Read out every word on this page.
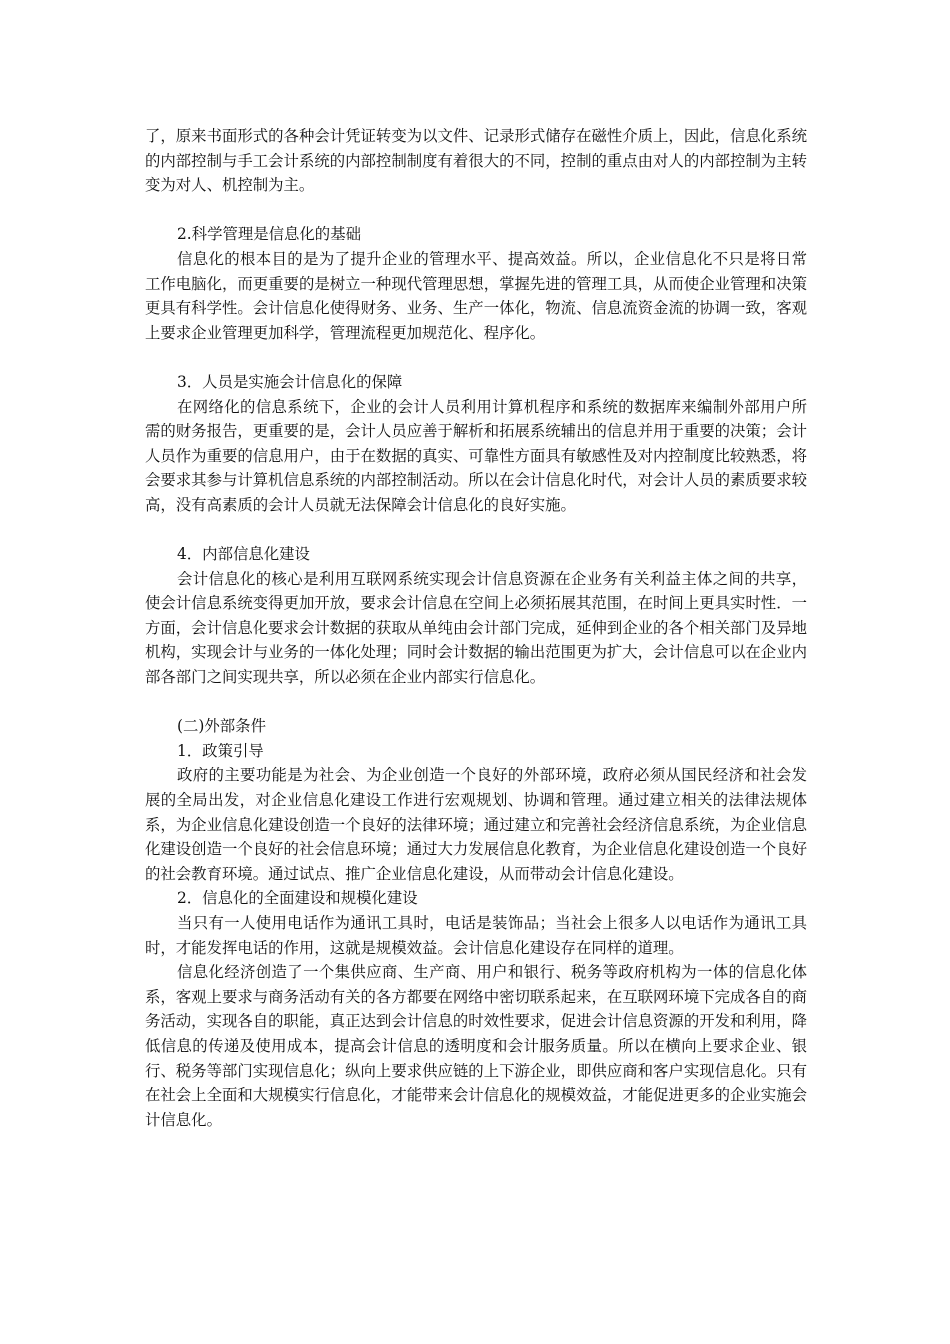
了，原来书面形式的各种会计凭证转变为以文件、记录形式储存在磁性介质上，因此，信息化系统的内部控制与手工会计系统的内部控制制度有着很大的不同，控制的重点由对人的内部控制为主转变为对人、机控制为主。

2.科学管理是信息化的基础

信息化的根本目的是为了提升企业的管理水平、提高效益。所以，企业信息化不只是将日常工作电脑化，而更重要的是树立一种现代管理思想，掌握先进的管理工具，从而使企业管理和决策更具有科学性。会计信息化使得财务、业务、生产一体化，物流、信息流资金流的协调一致，客观上要求企业管理更加科学，管理流程更加规范化、程序化。

3．人员是实施会计信息化的保障

在网络化的信息系统下，企业的会计人员利用计算机程序和系统的数据库来编制外部用户所需的财务报告，更重要的是，会计人员应善于解析和拓展系统辅出的信息并用于重要的决策；会计人员作为重要的信息用户，由于在数据的真实、可靠性方面具有敏感性及对内控制度比较熟悉，将会要求其参与计算机信息系统的内部控制活动。所以在会计信息化时代，对会计人员的素质要求较高，没有高素质的会计人员就无法保障会计信息化的良好实施。

4．内部信息化建设

会计信息化的核心是利用互联网系统实现会计信息资源在企业务有关利益主体之间的共享，使会计信息系统变得更加开放，要求会计信息在空间上必须拓展其范围，在时间上更具实时性．一方面，会计信息化要求会计数据的获取从单纯由会计部门完成，延伸到企业的各个相关部门及异地机构，实现会计与业务的一体化处理；同时会计数据的输出范围更为扩大，会计信息可以在企业内部各部门之间实现共享，所以必须在企业内部实行信息化。

(二)外部条件

1．政策引导

政府的主要功能是为社会、为企业创造一个良好的外部环境，政府必须从国民经济和社会发展的全局出发，对企业信息化建设工作进行宏观规划、协调和管理。通过建立相关的法律法规体系，为企业信息化建设创造一个良好的法律环境；通过建立和完善社会经济信息系统，为企业信息化建设创造一个良好的社会信息环境；通过大力发展信息化教育，为企业信息化建设创造一个良好的社会教育环境。通过试点、推广企业信息化建设，从而带动会计信息化建设。

2．信息化的全面建设和规模化建设

当只有一人使用电话作为通讯工具时，电话是装饰品；当社会上很多人以电话作为通讯工具时，才能发挥电话的作用，这就是规模效益。会计信息化建设存在同样的道理。

信息化经济创造了一个集供应商、生产商、用户和银行、税务等政府机构为一体的信息化体系，客观上要求与商务活动有关的各方都要在网络中密切联系起来，在互联网环境下完成各自的商务活动，实现各自的职能，真正达到会计信息的时效性要求，促进会计信息资源的开发和利用，降低信息的传递及使用成本，提高会计信息的透明度和会计服务质量。所以在横向上要求企业、银行、税务等部门实现信息化；纵向上要求供应链的上下游企业，即供应商和客户实现信息化。只有在社会上全面和大规模实行信息化，才能带来会计信息化的规模效益，才能促进更多的企业实施会计信息化。
